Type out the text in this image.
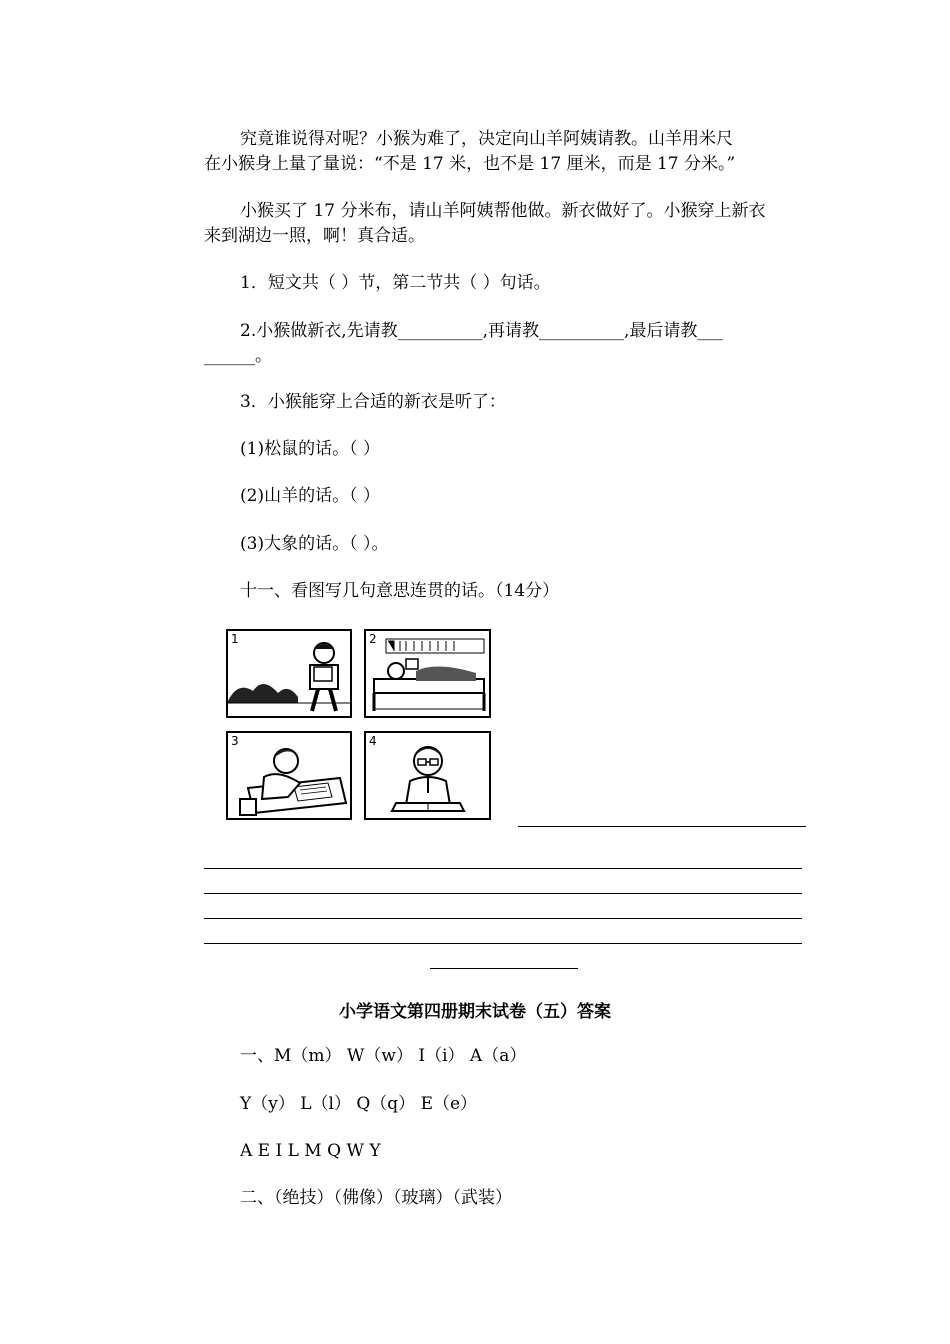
究竟谁说得对呢？小猴为难了，决定向山羊阿姨请教。山羊用米尺
在小猴身上量了量说：“不是 17 米，也不是 17 厘米，而是 17 分米。”
小猴买了 17 分米布，请山羊阿姨帮他做。新衣做好了。小猴穿上新衣
来到湖边一照，啊！真合适。
1．短文共（ ）节，第二节共（ ）句话。
2.小猴做新衣,先请教__________,再请教__________,最后请教___
______。
3．小猴能穿上合适的新衣是听了：
(1)松鼠的话。（ ）
(2)山羊的话。（ ）
(3)大象的话。（ ）。
十一、看图写几句意思连贯的话。（14分）
1	2
3	4
小学语文第四册期末试卷（五）答案
一、M（m） W（w） I（i） A（a）
Y（y） L（l） Q（q） E（e）
A E I L M Q W Y
二、（绝技）（佛像）（玻璃）（武装）
